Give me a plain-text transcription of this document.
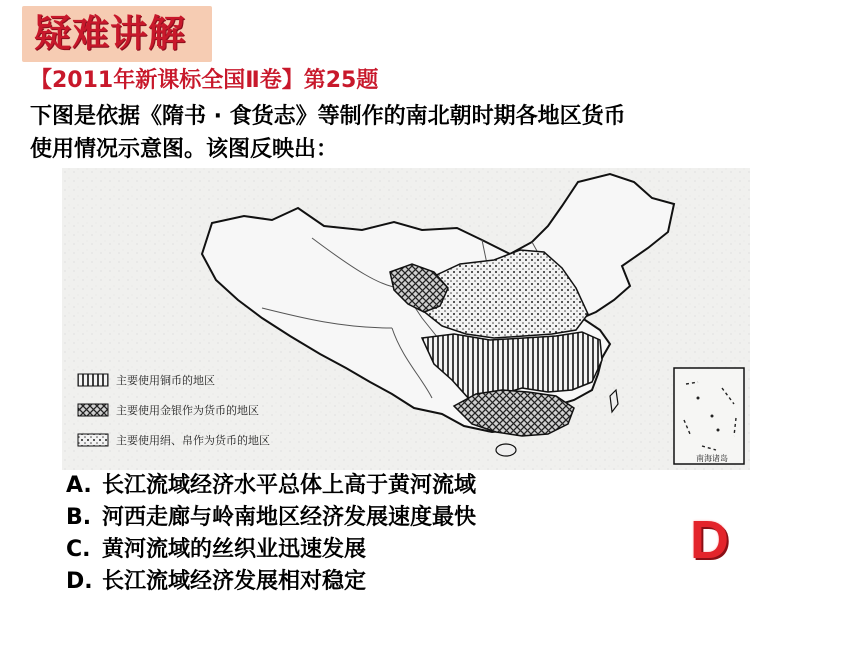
疑难讲解
【2011年新课标全国Ⅱ卷】第25题
下图是依据《隋书 · 食货志》等制作的南北朝时期各地区货币
使用情况示意图。该图反映出：
主要使用铜币的地区
主要使用金银作为货币的地区
主要使用绢、帛作为货币的地区
南海诸岛
A. 长江流域经济水平总体上高于黄河流域
B. 河西走廊与岭南地区经济发展速度最快
C. 黄河流域的丝织业迅速发展
D. 长江流域经济发展相对稳定
D
